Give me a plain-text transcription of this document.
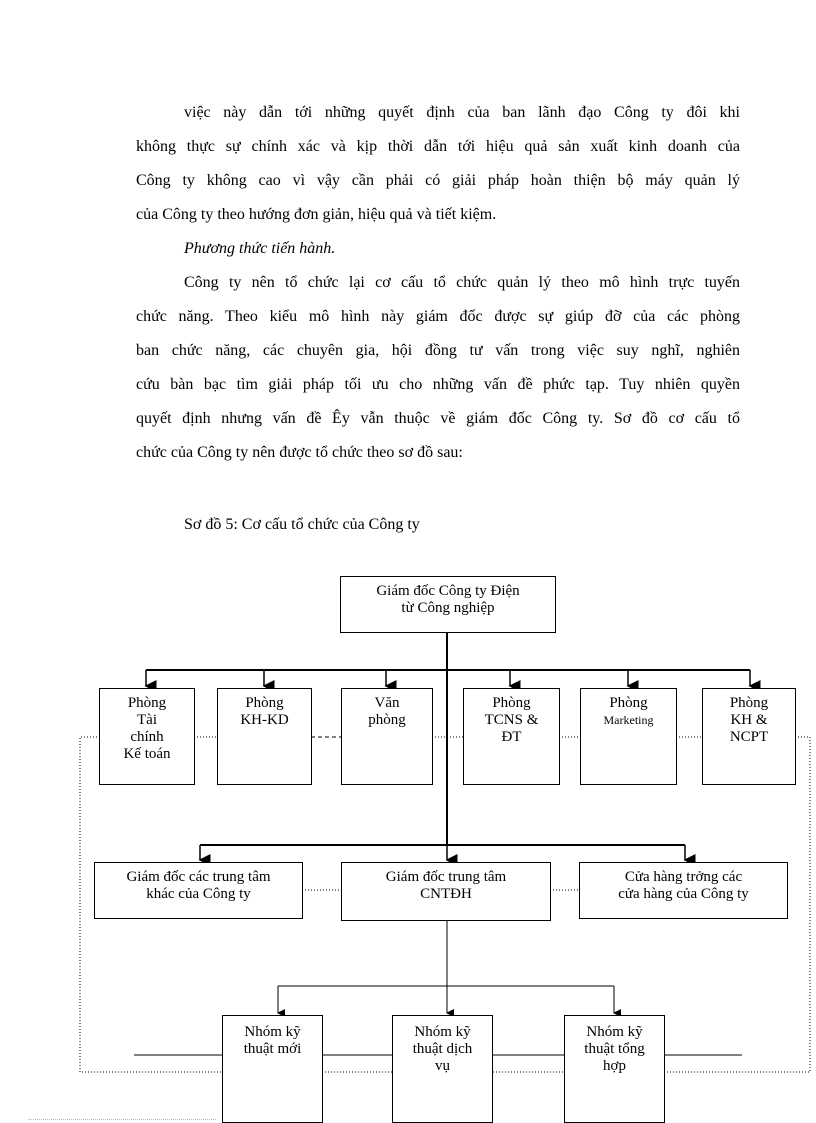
việc này dẫn tới những quyết định của ban lãnh đạo Công ty đôi khi
không thực sự chính xác và kịp thời dẫn tới hiệu quả sản xuất kinh doanh của
Công ty không cao vì vậy cần phải có giải pháp hoàn thiện bộ máy quản lý
của Công ty theo hướng đơn giản, hiệu quả và tiết kiệm.
Phương thức tiến hành.
Công ty nên tổ chức lại cơ cấu tổ chức quản lý theo mô hình trực tuyến
chức năng. Theo kiểu mô hình này giám đốc được sự giúp đỡ của các phòng
ban chức năng, các chuyên gia, hội đồng tư vấn trong việc suy nghĩ, nghiên
cứu bàn bạc tìm giải pháp tối ưu cho những vấn đề phức tạp. Tuy nhiên quyền
quyết định nhưng vấn đề Êy vẫn thuộc về giám đốc Công ty. Sơ đồ cơ cấu tổ
chức của Công ty nên được tổ chức theo sơ đồ sau:
Sơ đồ 5: Cơ cấu tổ chức của Công ty
Giám đốc Công ty Điện
từ Công nghiệp
Phòng
Tài
chính
Kế toán
Phòng
KH-KD
Văn
phòng
Phòng
TCNS &
ĐT
Phòng
Marketing
Phòng
KH &
NCPT
Giám đốc các trung tâm
khác của Công ty
Giám đốc trung tâm
CNTĐH
Cửa hàng trởng các
cửa hàng của Công ty
Nhóm kỹ
thuật mới
Nhóm kỹ
thuật dịch
vụ
Nhóm kỹ
thuật tổng
hợp
